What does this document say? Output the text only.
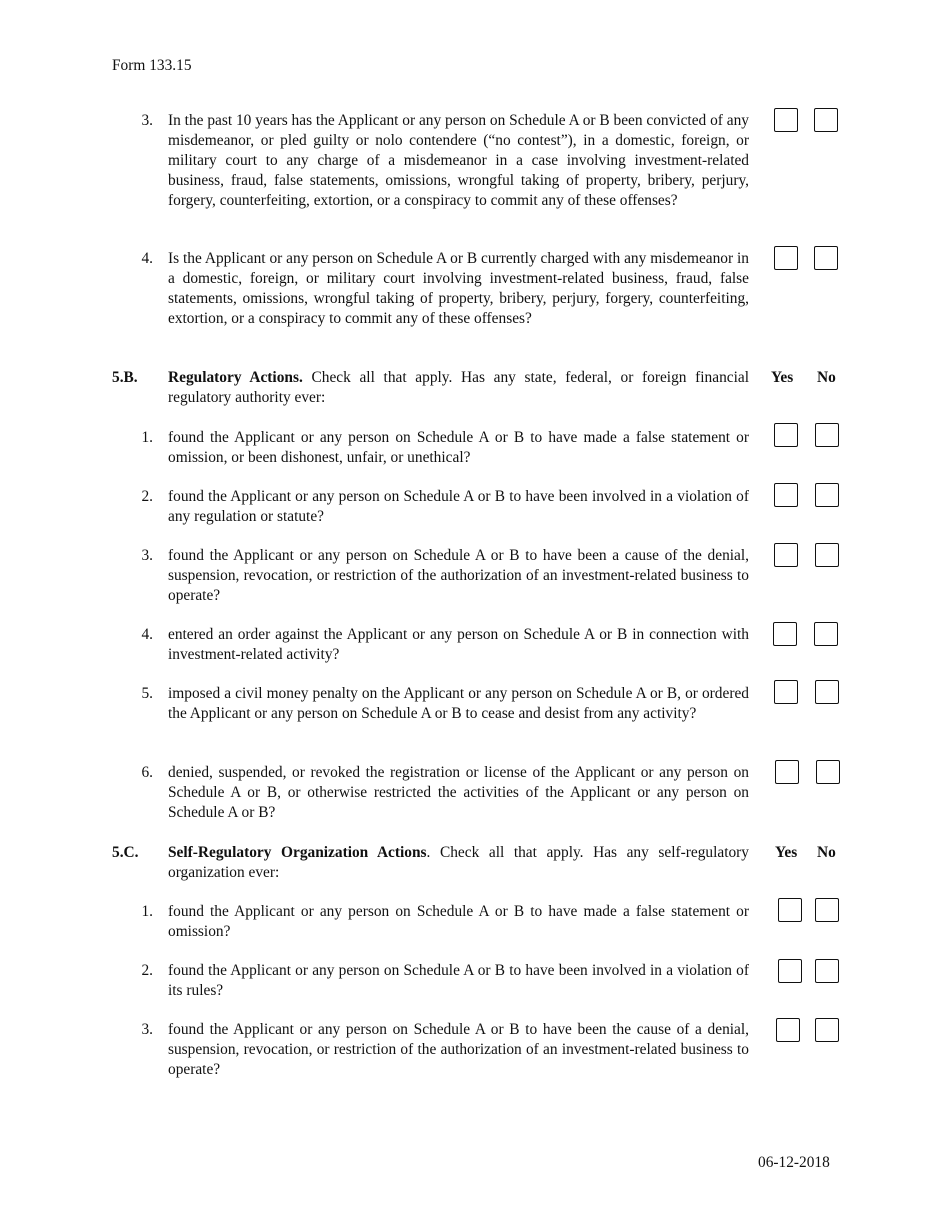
Form 133.15
3. In the past 10 years has the Applicant or any person on Schedule A or B been convicted of any misdemeanor, or pled guilty or nolo contendere (“no contest”), in a domestic, foreign, or military court to any charge of a misdemeanor in a case involving investment-related business, fraud, false statements, omissions, wrongful taking of property, bribery, perjury, forgery, counterfeiting, extortion, or a conspiracy to commit any of these offenses?
4. Is the Applicant or any person on Schedule A or B currently charged with any misdemeanor in a domestic, foreign, or military court involving investment-related business, fraud, false statements, omissions, wrongful taking of property, bribery, perjury, forgery, counterfeiting, extortion, or a conspiracy to commit any of these offenses?
5.B. Regulatory Actions. Check all that apply. Has any state, federal, or foreign financial regulatory authority ever:
Yes No
1. found the Applicant or any person on Schedule A or B to have made a false statement or omission, or been dishonest, unfair, or unethical?
2. found the Applicant or any person on Schedule A or B to have been involved in a violation of any regulation or statute?
3. found the Applicant or any person on Schedule A or B to have been a cause of the denial, suspension, revocation, or restriction of the authorization of an investment-related business to operate?
4. entered an order against the Applicant or any person on Schedule A or B in connection with investment-related activity?
5. imposed a civil money penalty on the Applicant or any person on Schedule A or B, or ordered the Applicant or any person on Schedule A or B to cease and desist from any activity?
6. denied, suspended, or revoked the registration or license of the Applicant or any person on Schedule A or B, or otherwise restricted the activities of the Applicant or any person on Schedule A or B?
5.C. Self-Regulatory Organization Actions. Check all that apply. Has any self-regulatory organization ever:
Yes No
1. found the Applicant or any person on Schedule A or B to have made a false statement or omission?
2. found the Applicant or any person on Schedule A or B to have been involved in a violation of its rules?
3. found the Applicant or any person on Schedule A or B to have been the cause of a denial, suspension, revocation, or restriction of the authorization of an investment-related business to operate?
06-12-2018
